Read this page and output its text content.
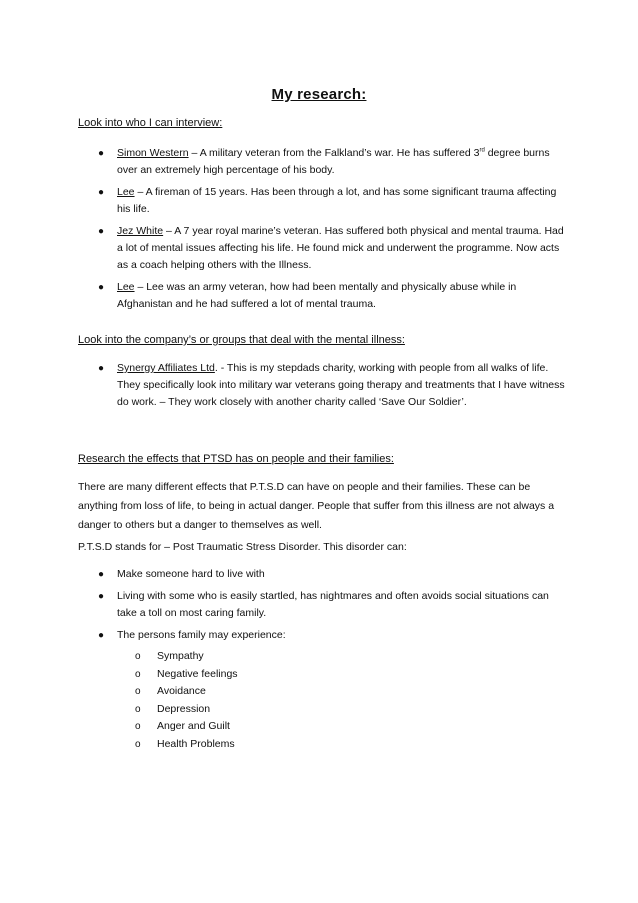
My research:
Look into who I can interview:
● Simon Western – A military veteran from the Falkland’s war. He has suffered 3rd degree burns over an extremely high percentage of his body.
● Lee – A fireman of 15 years. Has been through a lot, and has some significant trauma affecting his life.
● Jez White – A 7 year royal marine’s veteran. Has suffered both physical and mental trauma. Had a lot of mental issues affecting his life. He found mick and underwent the programme. Now acts as a coach helping others with the Illness.
● Lee – Lee was an army veteran, how had been mentally and physically abuse while in Afghanistan and he had suffered a lot of mental trauma.
Look into the company’s or groups that deal with the mental illness:
● Synergy Affiliates Ltd. - This is my stepdads charity, working with people from all walks of life. They specifically look into military war veterans going therapy and treatments that I have witness do work. – They work closely with another charity called ‘Save Our Soldier’.
Research the effects that PTSD has on people and their families:

There are many different effects that P.T.S.D can have on people and their families. These can be anything from loss of life, to being in actual danger. People that suffer from this illness are not always a danger to others but a danger to themselves as well.

P.T.S.D stands for – Post Traumatic Stress Disorder. This disorder can:

● Make someone hard to live with
● Living with some who is easily startled, has nightmares and often avoids social situations can take a toll on most caring family.
● The persons family may experience:
o Sympathy
o Negative feelings
o Avoidance
o Depression
o Anger and Guilt
o Health Problems
